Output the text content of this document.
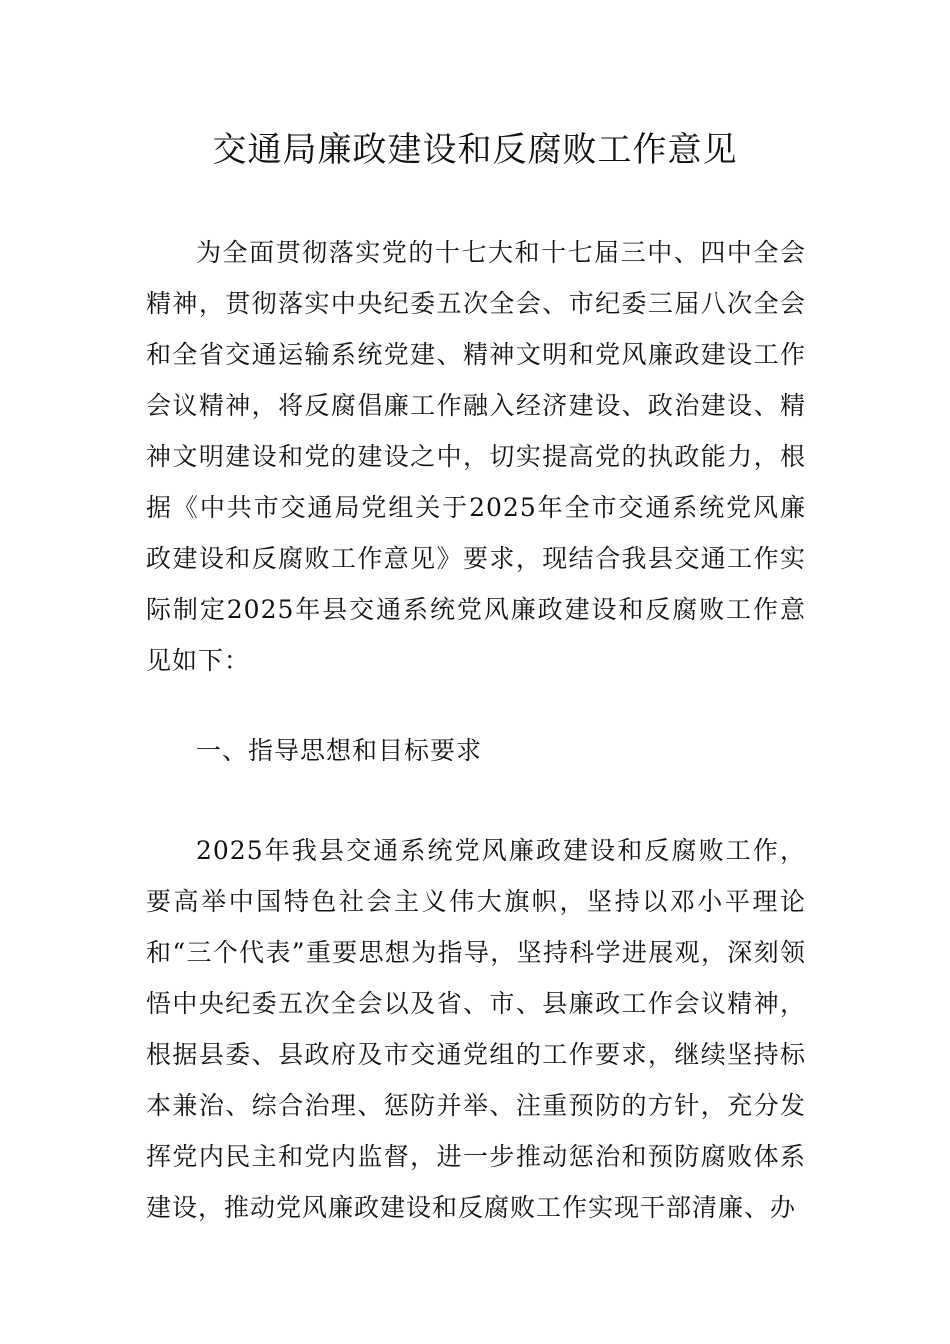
交通局廉政建设和反腐败工作意见

为全面贯彻落实党的十七大和十七届三中、四中全会精神，贯彻落实中央纪委五次全会、市纪委三届八次全会和全省交通运输系统党建、精神文明和党风廉政建设工作会议精神，将反腐倡廉工作融入经济建设、政治建设、精神文明建设和党的建设之中，切实提高党的执政能力，根据《中共市交通局党组关于2025年全市交通系统党风廉政建设和反腐败工作意见》要求，现结合我县交通工作实际制定2025年县交通系统党风廉政建设和反腐败工作意见如下：

一、指导思想和目标要求

2025年我县交通系统党风廉政建设和反腐败工作，要高举中国特色社会主义伟大旗帜，坚持以邓小平理论和“三个代表”重要思想为指导，坚持科学进展观，深刻领悟中央纪委五次全会以及省、市、县廉政工作会议精神，根据县委、县政府及市交通党组的工作要求，继续坚持标本兼治、综合治理、惩防并举、注重预防的方针，充分发挥党内民主和党内监督，进一步推动惩治和预防腐败体系建设，推动党风廉政建设和反腐败工作实现干部清廉、办
